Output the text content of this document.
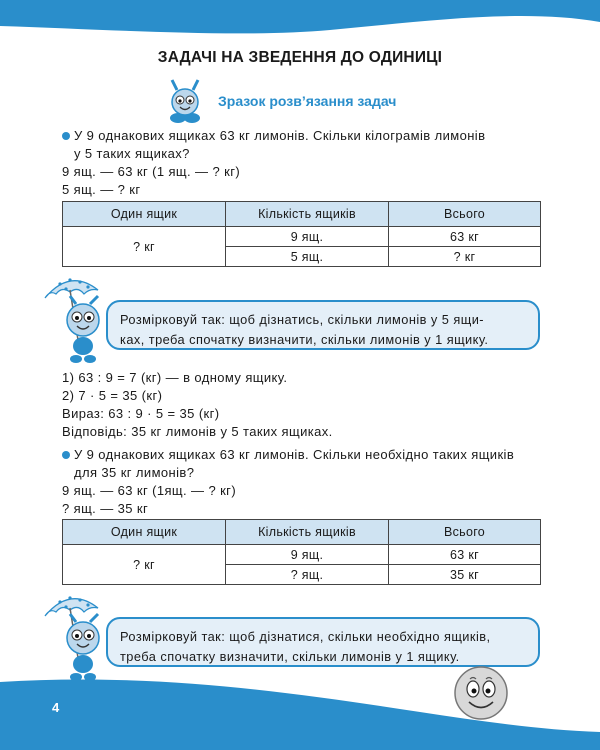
ЗАДАЧІ НА ЗВЕДЕННЯ ДО ОДИНИЦІ
Зразок розв’язання задач
У 9 однакових ящиках 63 кг лимонів. Скільки кілограмів лимонів
у 5 таких ящиках?
9 ящ. — 63 кг (1 ящ. — ? кг)
5 ящ. — ? кг
Один ящик	Кількість ящиків	Всього
? кг	9 ящ.	63 кг
	5 ящ.	? кг
Розмірковуй так: щоб дізнатись, скільки лимонів у 5 ящи-
ках, треба спочатку визначити, скільки лимонів у 1 ящику.
1) 63 : 9 = 7 (кг) — в одному ящику.
2) 7 · 5 = 35 (кг)
Вираз: 63 : 9 · 5 = 35 (кг)
Відповідь: 35 кг лимонів у 5 таких ящиках.
У 9 однакових ящиках 63 кг лимонів. Скільки необхідно таких ящиків
для 35 кг лимонів?
9 ящ. — 63 кг (1ящ. — ? кг)
? ящ. — 35 кг
Один ящик	Кількість ящиків	Всього
? кг	9 ящ.	63 кг
	? ящ.	35 кг
Розмірковуй так: щоб дізнатися, скільки необхідно ящиків,
треба спочатку визначити, скільки лимонів у 1 ящику.
4
